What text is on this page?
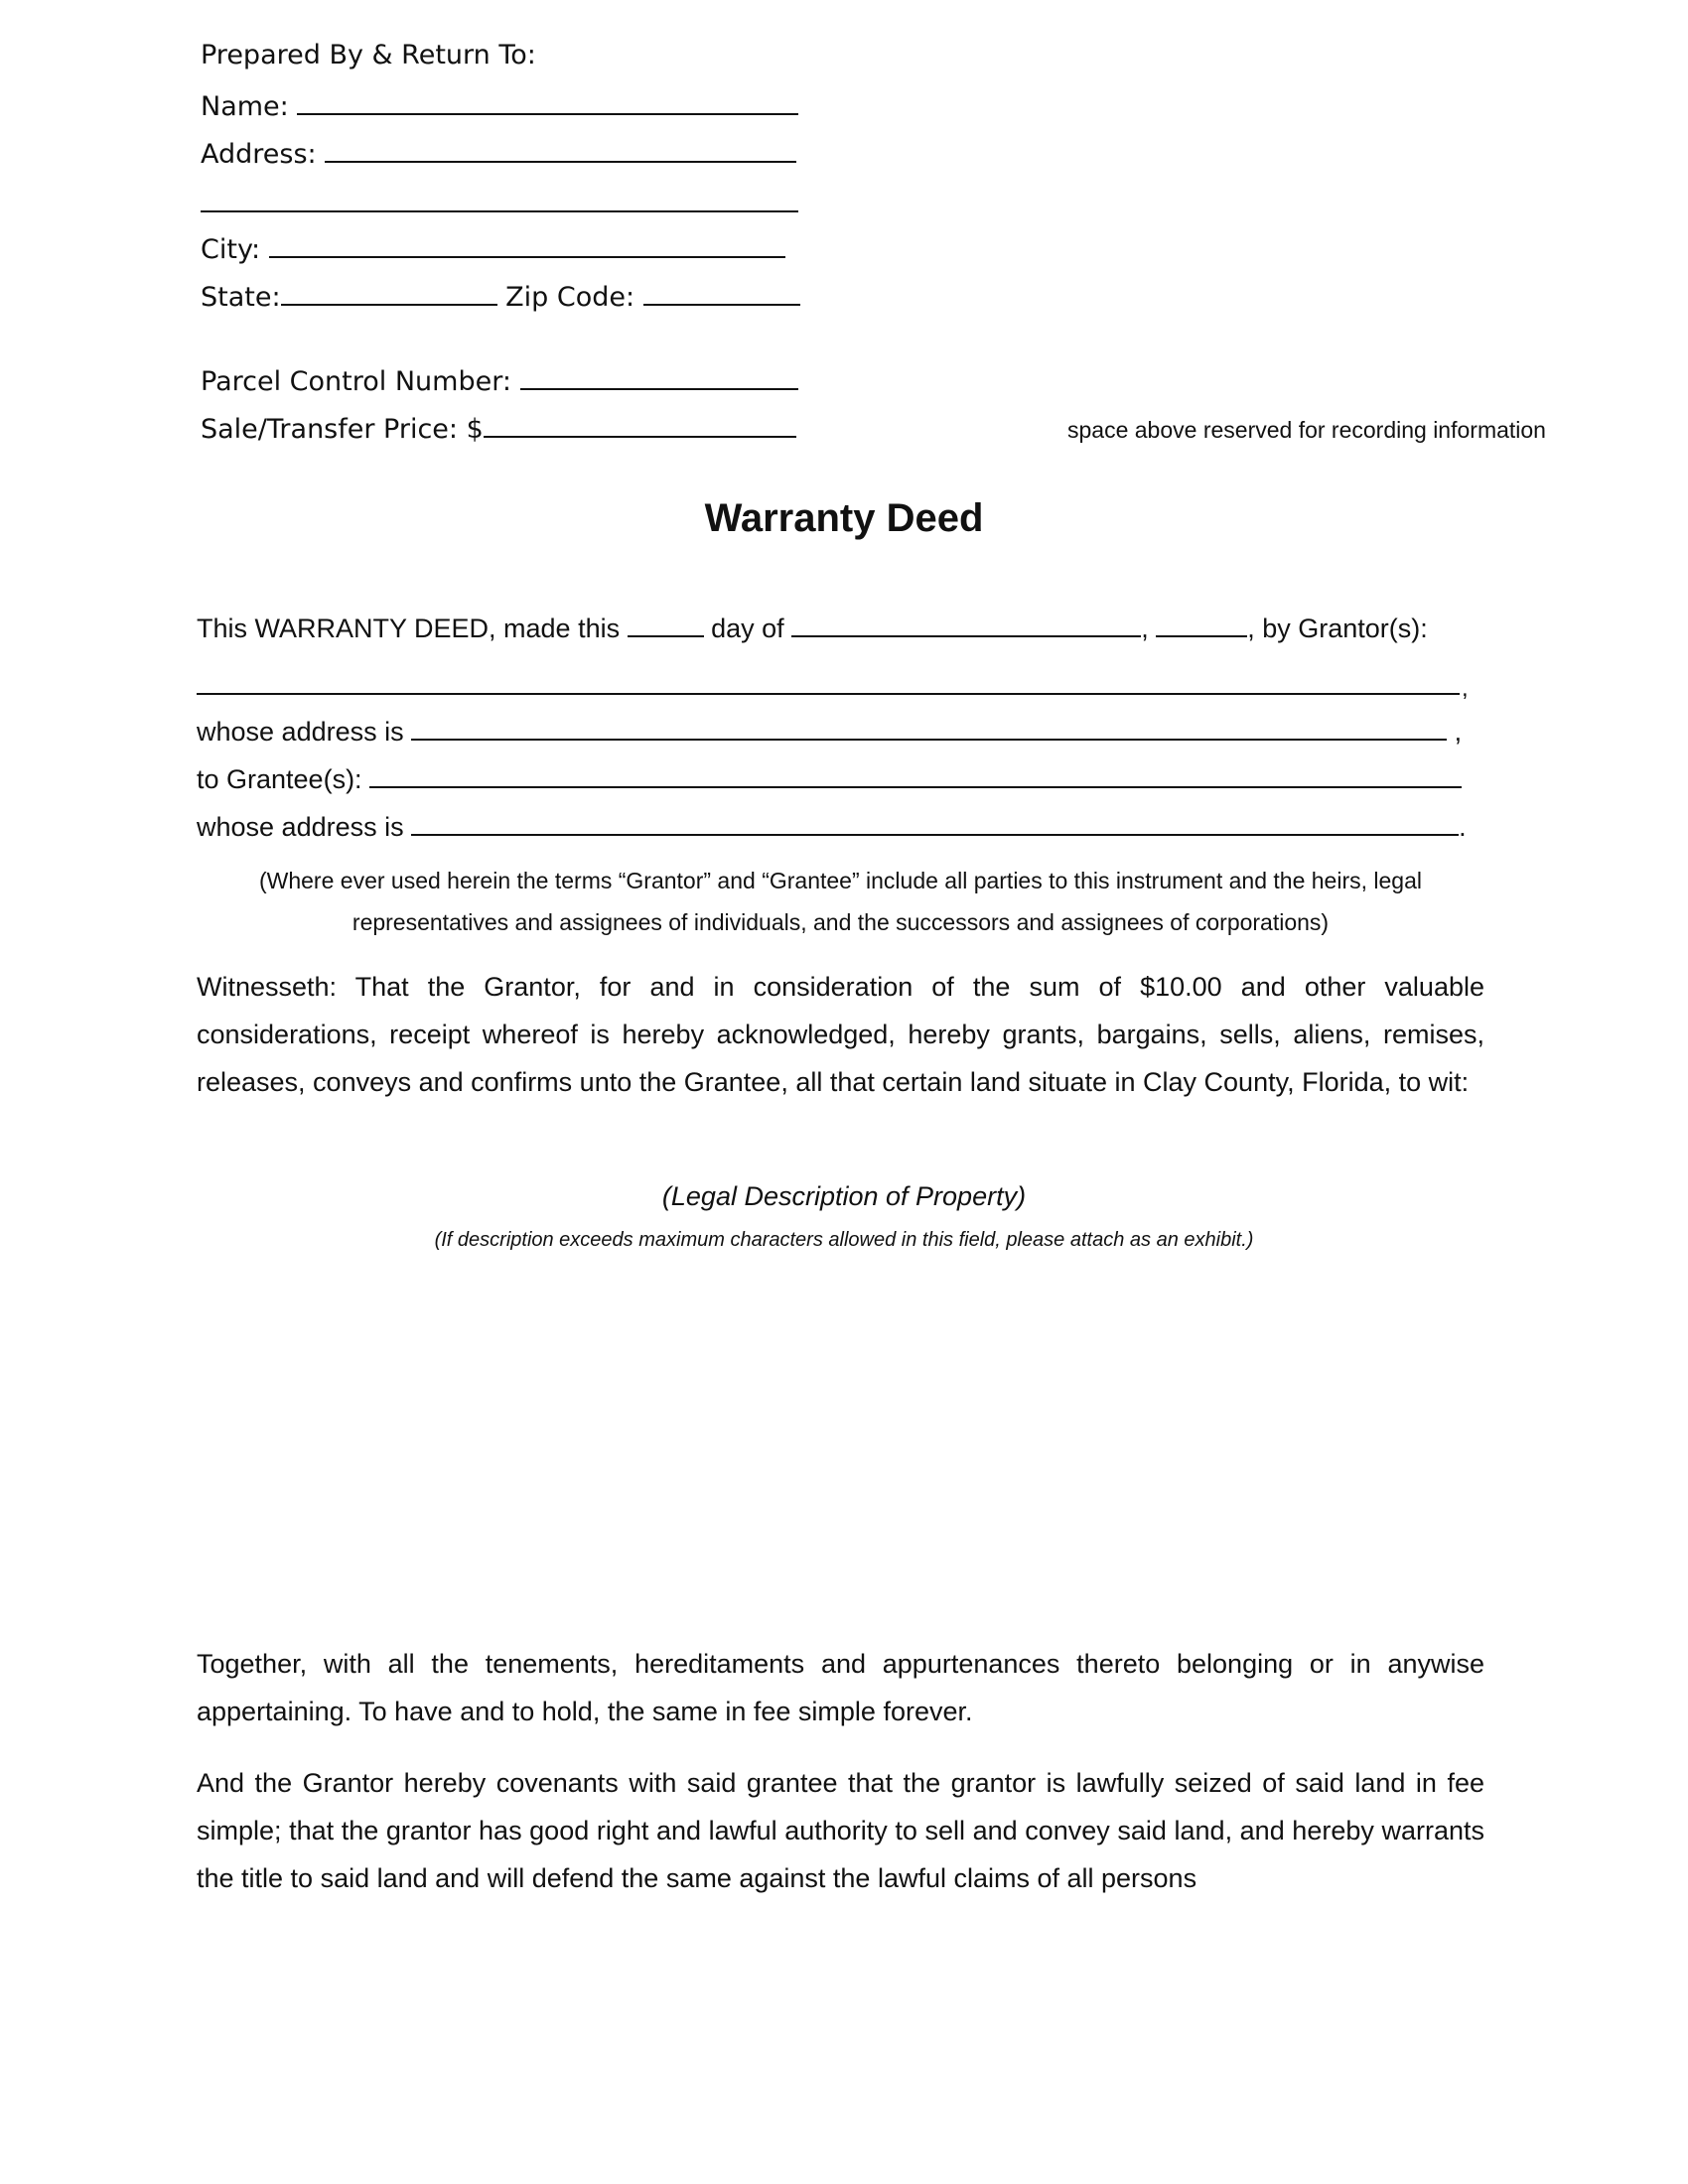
Prepared By & Return To:
Name:
Address:
City:
State:	Zip Code:
Parcel Control Number:
Sale/Transfer Price: $	space above reserved for recording information
Warranty Deed
This WARRANTY DEED, made this	day of	,	, by Grantor(s):
,
whose address is	,
to Grantee(s):
whose address is	.
(Where ever used herein the terms “Grantor” and “Grantee” include all parties to this instrument and the heirs, legal
representatives and assignees of individuals, and the successors and assignees of corporations)
Witnesseth: That the Grantor, for and in consideration of the sum of $10.00 and other valuable considerations, receipt whereof is hereby acknowledged, hereby grants, bargains, sells, aliens, remises, releases, conveys and confirms unto the Grantee, all that certain land situate in Clay County, Florida, to wit:
(Legal Description of Property)
(If description exceeds maximum characters allowed in this field, please attach as an exhibit.)
Together, with all the tenements, hereditaments and appurtenances thereto belonging or in anywise appertaining. To have and to hold, the same in fee simple forever.
And the Grantor hereby covenants with said grantee that the grantor is lawfully seized of said land in fee simple; that the grantor has good right and lawful authority to sell and convey said land, and hereby warrants the title to said land and will defend the same against the lawful claims of all persons
